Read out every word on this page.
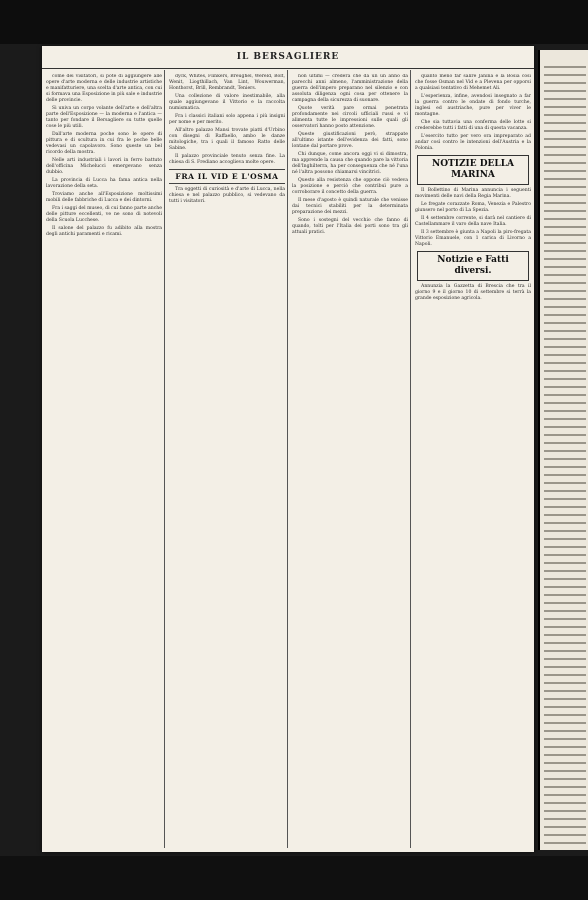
IL BERSAGLIERE

come dei visitatori, si potè di aggiungere alle opere d'arte moderna e delle industrie artistiche e manifatturiere, una scelta d'arte antica, con cui si formava una Esposizione in più sale e industrie delle provincie.

Si univa un corpo volante dell'arte e dell'altra parte dell'Esposizione — la moderna e l'antica — tanto per fondare il Bersagliere su tutte quelle cose le più utili.

Dall'arte moderna poche sono le opere di pittura e di scultura in cui fra le poche belle vedevasi un capolavoro. Sono queste un bel ricordo della mostra.

Nelle arti industriali i lavori in ferro battuto dell'officina Michelucci emergevano senza dubbio.

La provincia di Lucca ha fama antica nella lavorazione della seta.

Troviamo anche all'Esposizione moltissimi mobili delle fabbriche di Lucca e dei dintorni.

Fra i saggi del museo, di cui fanno parte anche delle pitture eccellenti, ve ne sono di notevoli della Scuola Lucchese.

Il salone del palazzo fu adibito alla mostra degli antichi paramenti e ricami.

dyck, Whites, Flinkers, Breughel, Wereld, Bolt, Wenit, Liogthillach, Van Lint, Wouwerman, Honthorst, Brill, Rembrandt, Teniers.

Una collezione di valore inestimabile, alla quale aggiungevano il Vittorio e la raccolta numismatica.

Fra i classici italiani solo appena i più insigni per nome e per merito.

All'altro palazzo Mansi trovate piatti d'Urbino con disegni di Raffaello, ambo le danze mitologiche, tra i quali il famoso Ratto delle Sabine.

Il palazzo provinciale tenuto senza fine. La chiesa di S. Frediano accoglieva molte opere.

FRA IL VID E L'OSMA

Tra oggetti di curiosità e d'arte di Lucca, nella chiesa e nel palazzo pubblico, si vedevano da tutti i visitatori.

non ultimi — crederà che da un un anno da parecchi anni almeno, l'amministrazione della guerra dell'impero preparano nel silenzio e con assoluta diligenza ogni cosa per ottenere la campagna della sicurezza di suonare.

Quote verità pare ormai penetrata profondamente nei circoli ufficiali russi e vi alimenta tutte le impressioni sulle quali gli osservatori hanno posto attenzione.

Queste giustificazioni però, strappate all'ultimo istante dell'evidenza dei fatti, sono lontane dal portare prove.

Chi dunque, come ancora oggi vi si dimostra, ma apprende la causa che quando pare la vittoria dell'Inghilterra, ha per conseguenza che né l'una né l'altra possono chiamarsi vincitrici.

Questo alla resistenza che oppone ciò vedeva la posizione e perciò che contribuì pure a corroborare il concetto della guerra.

Il mese d'agosto è quindi naturale che venisse dai tecnici stabiliti per la determinata preparazione dei mezzi.

Sono i sostegni del vecchio che fanno di quando, tolti per l'Italia dei porti sono tra gli attuali pratici.

quanto meno far salire Janina e la Bosia così che fosse Osman nel Vid e a Plevena per opporsi a qualsiasi tentativo di Mehemet Ali.

L'esperienza, infine, avendosi insegnato a far la guerra contro le ondate di fondo turche, inglesi ed austriache, pure per viver le montagne.

Che sia tuttavia una conferma delle lotte si crederebbe tutti i fatti di una di questa vacanza.

L'esercito tutto per vero ora impreparato ad andar così contro le intenzioni dell'Austria e la Polonia.

NOTIZIE DELLA MARINA

Il Bollettino di Marina annuncia i seguenti movimenti delle navi della Regia Marina.

Le fregate corazzate Roma, Venezia e Palestro giunsero nel porto di La Spezia.

Il 4 settembre corrente, si darà nel cantiere di Castellammare il varo della nave Italia.

Il 3 settembre è giunta a Napoli la piro-fregata Vittorio Emanuele, con 1 carica di Livorno a Napoli.

Notizie e Fatti diversi.

Annunzia la Gazzetta di Brescia che tra il giorno 9 e il giorno 10 di settembre si terrà la grande esposizione agricola.
